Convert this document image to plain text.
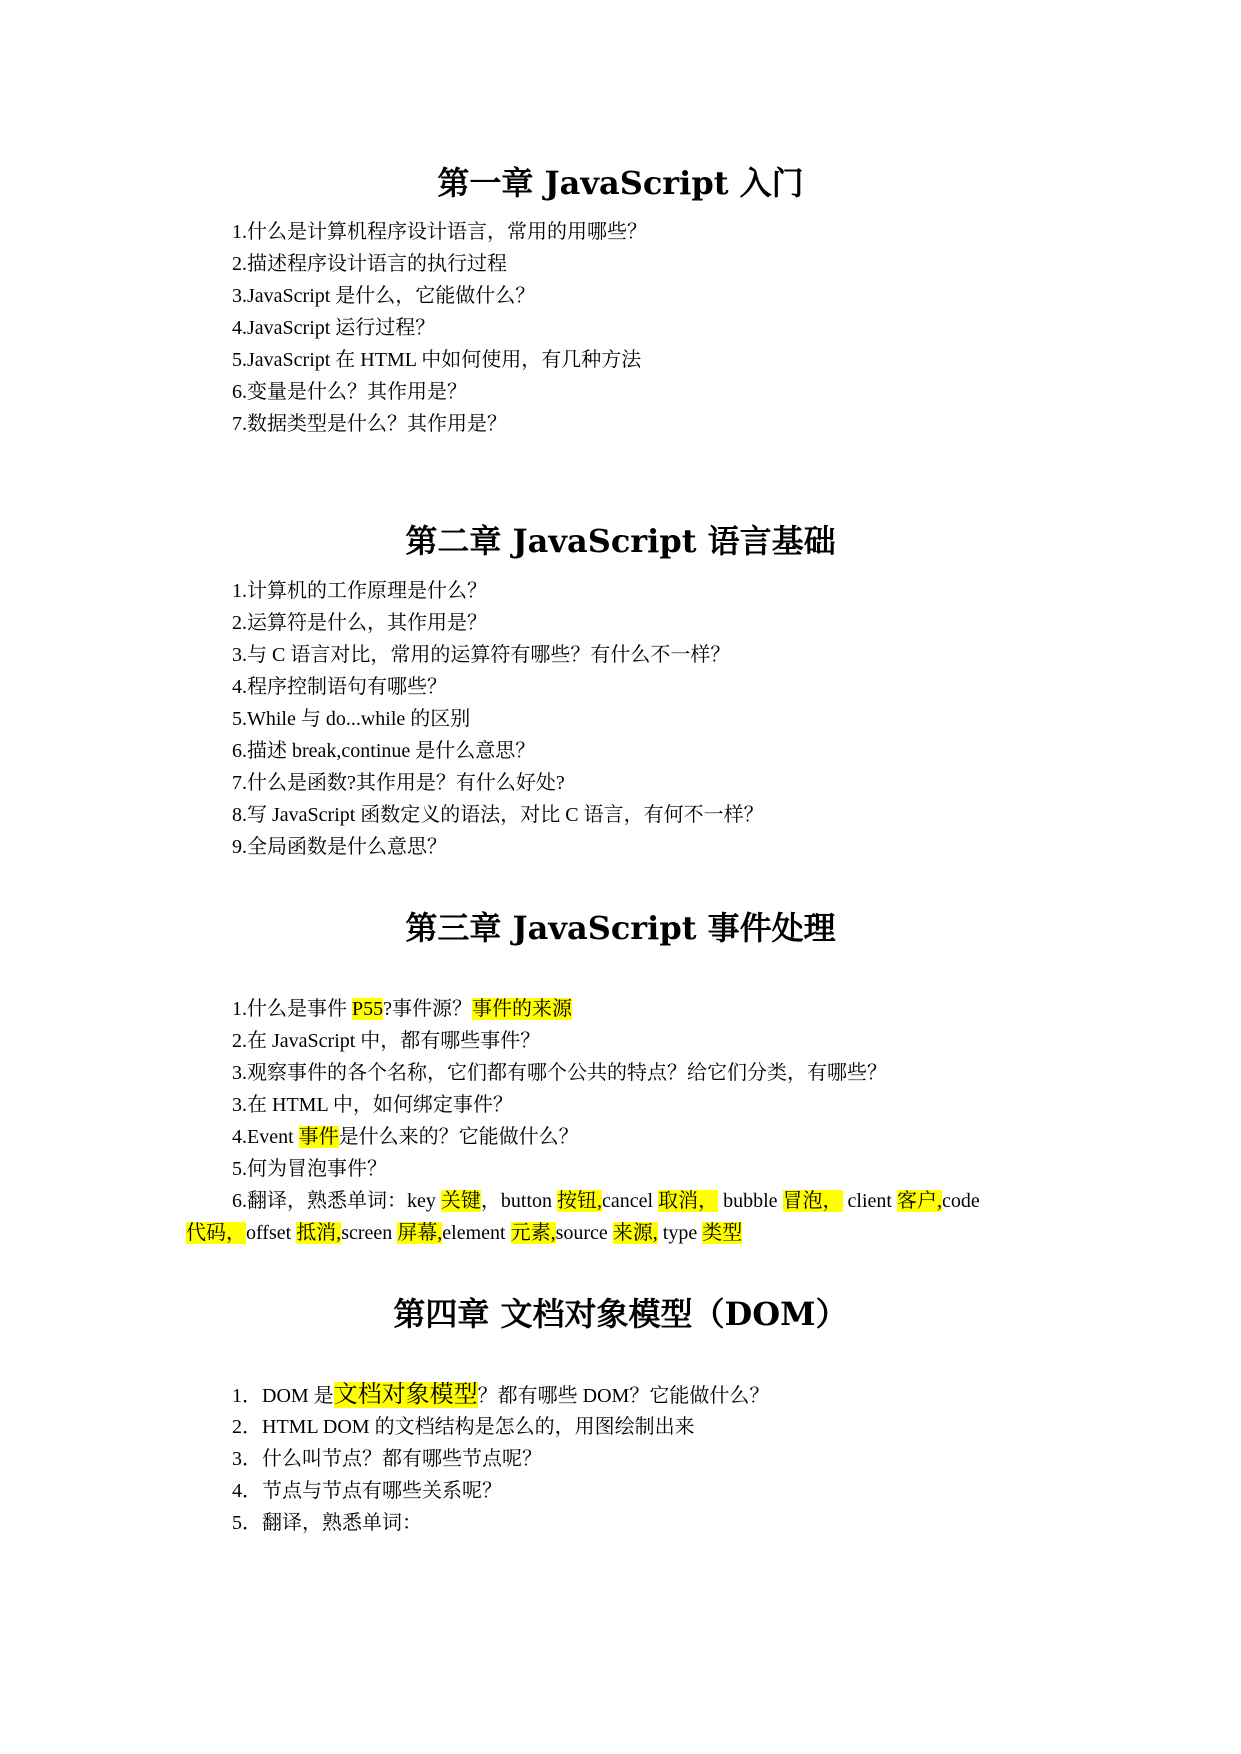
第一章 JavaScript 入门

1.什么是计算机程序设计语言，常用的用哪些？

2.描述程序设计语言的执行过程

3.JavaScript 是什么，它能做什么？

4.JavaScript 运行过程？

5.JavaScript 在 HTML 中如何使用，有几种方法

6.变量是什么？其作用是？

7.数据类型是什么？其作用是？

第二章 JavaScript 语言基础

1.计算机的工作原理是什么？

2.运算符是什么，其作用是？

3.与 C 语言对比，常用的运算符有哪些？有什么不一样？

4.程序控制语句有哪些？

5.While 与 do...while 的区别

6.描述 break,continue 是什么意思？

7.什么是函数?其作用是？有什么好处?

8.写 JavaScript 函数定义的语法，对比 C 语言，有何不一样？

9.全局函数是什么意思？

第三章 JavaScript 事件处理

1.什么是事件 P55?事件源？事件的来源

2.在 JavaScript 中，都有哪些事件？

3.观察事件的各个名称，它们都有哪个公共的特点？给它们分类，有哪些？

3.在 HTML 中，如何绑定事件？

4.Event 事件是什么来的？它能做什么？

5.何为冒泡事件？

6.翻译，熟悉单词：key 关键，button 按钮,cancel 取消， bubble 冒泡， client 客户,code

代码，offset 抵消,screen 屏幕,element 元素,source 来源, type 类型

第四章 文档对象模型（DOM）

1．DOM 是文档对象模型？都有哪些 DOM？它能做什么？

2．HTML DOM 的文档结构是怎么的，用图绘制出来

3．什么叫节点？都有哪些节点呢？

4．节点与节点有哪些关系呢？

5．翻译，熟悉单词：
